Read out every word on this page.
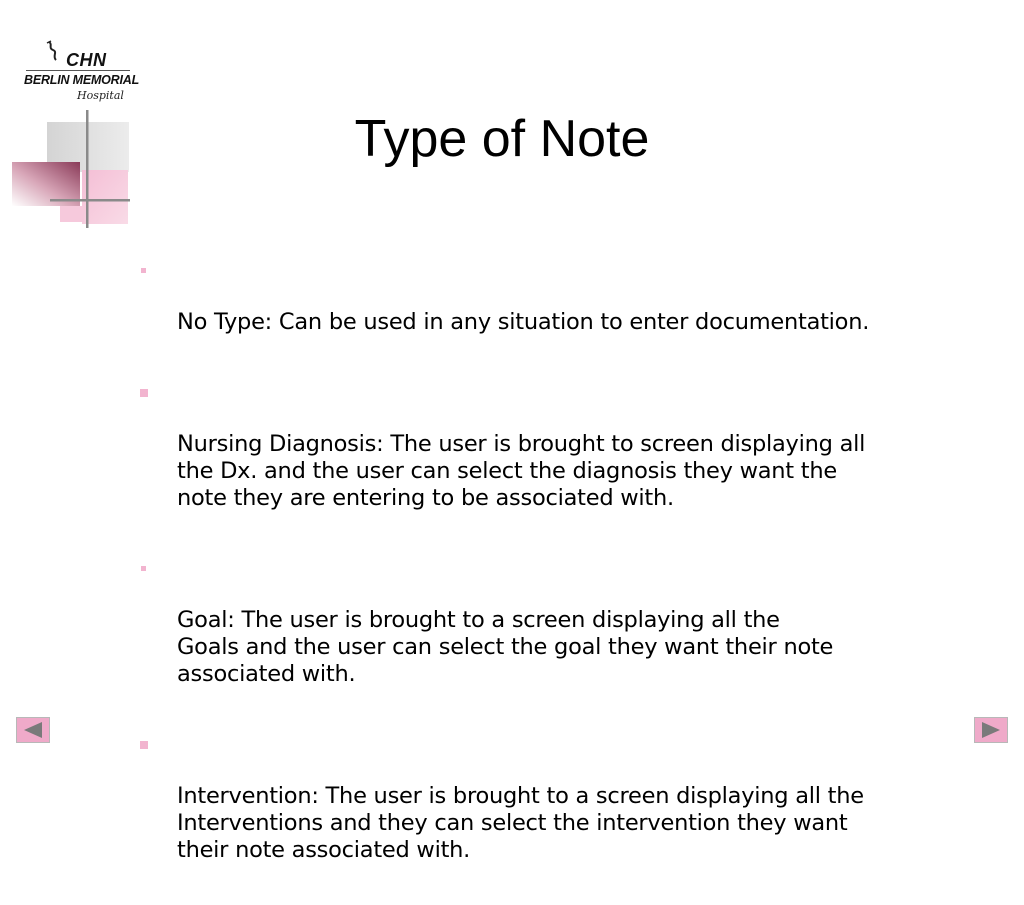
CHN
BERLIN MEMORIAL
Hospital
Type of Note

No Type: Can be used in any situation to enter documentation.

Nursing Diagnosis: The user is brought to screen displaying all
the Dx. and the user can select the diagnosis they want the
note they are entering to be associated with.

Goal: The user is brought to a screen displaying all the
Goals and the user can select the goal they want their note
associated with.

Intervention: The user is brought to a screen displaying all the
Interventions and they can select the intervention they want
their note associated with.
